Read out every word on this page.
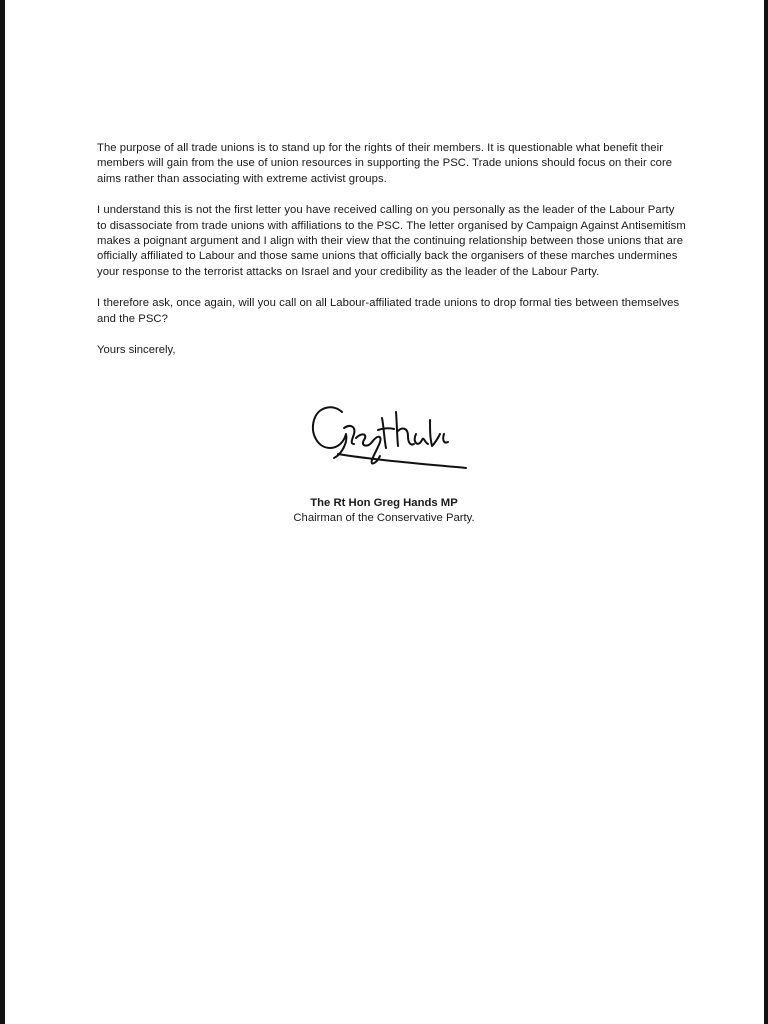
The purpose of all trade unions is to stand up for the rights of their members. It is questionable what benefit their members will gain from the use of union resources in supporting the PSC. Trade unions should focus on their core aims rather than associating with extreme activist groups.

I understand this is not the first letter you have received calling on you personally as the leader of the Labour Party to disassociate from trade unions with affiliations to the PSC. The letter organised by Campaign Against Antisemitism makes a poignant argument and I align with their view that the continuing relationship between those unions that are officially affiliated to Labour and those same unions that officially back the organisers of these marches undermines your response to the terrorist attacks on Israel and your credibility as the leader of the Labour Party.

I therefore ask, once again, will you call on all Labour-affiliated trade unions to drop formal ties between themselves and the PSC?

Yours sincerely,

The Rt Hon Greg Hands MP

Chairman of the Conservative Party.
